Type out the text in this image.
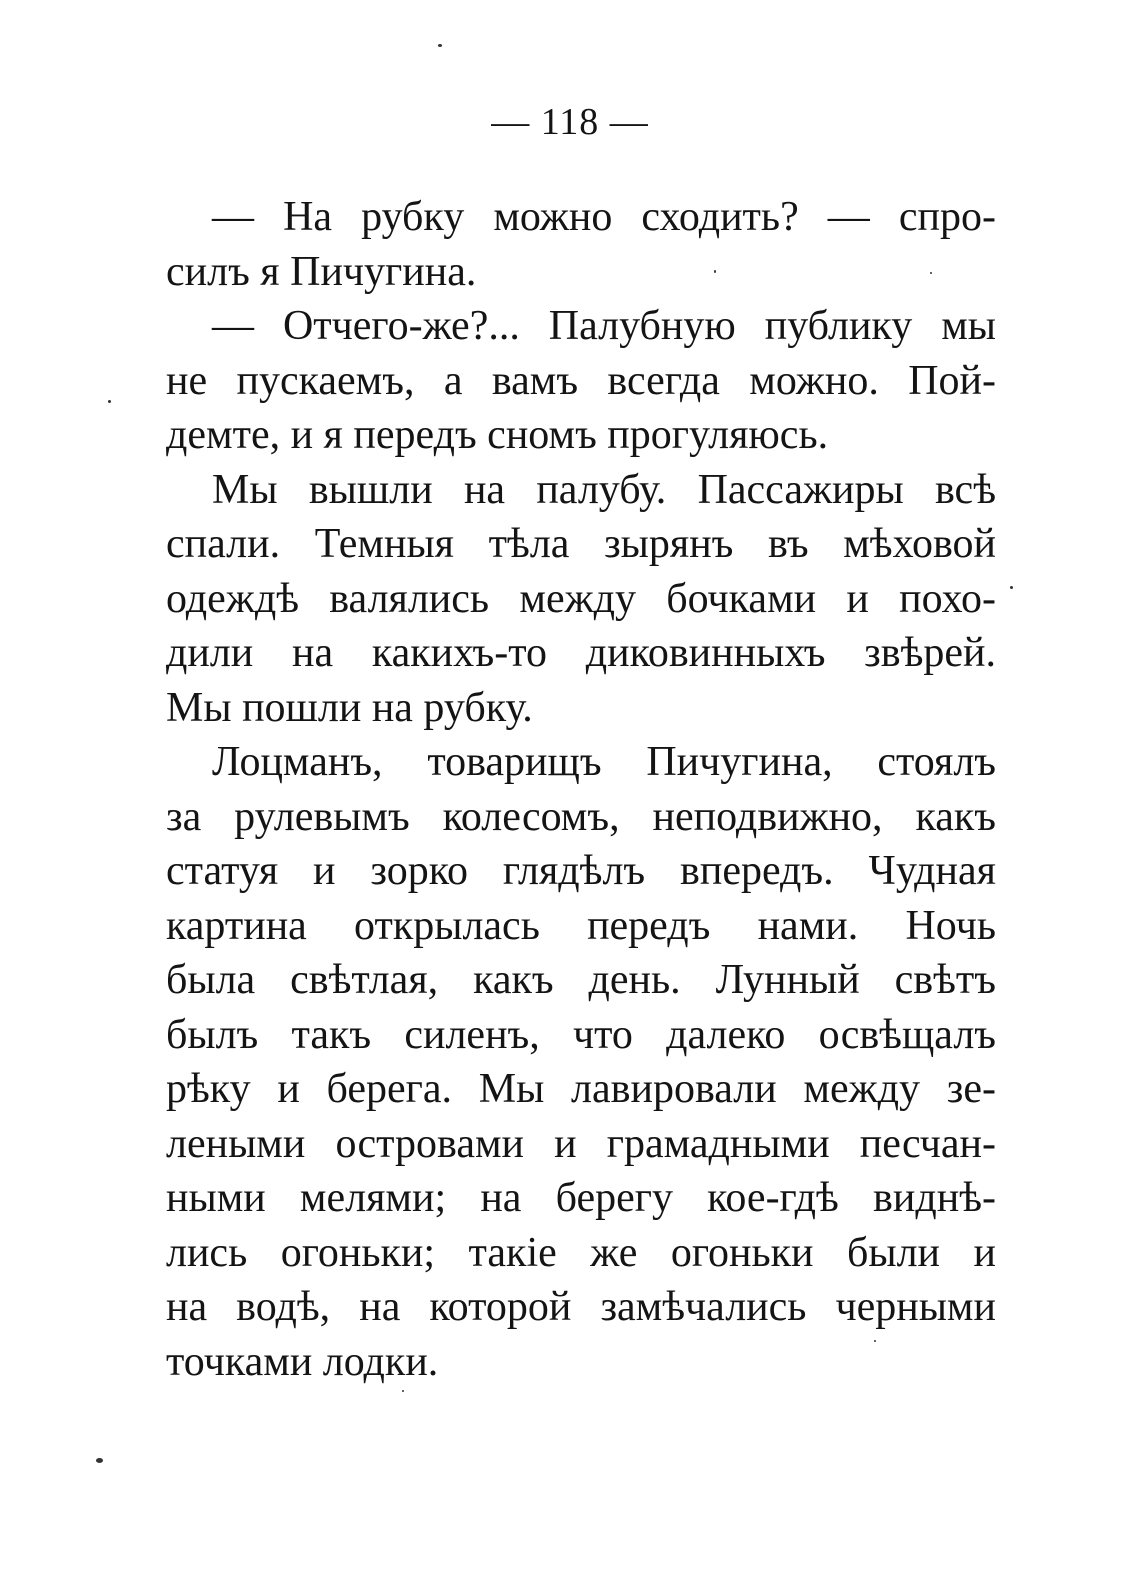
— 118 —

— На рубку можно сходить? — спро-
силъ я Пичугина.

— Отчего-же?... Палубную публику мы
не пускаемъ, а вамъ всегда можно. Пой-
демте, и я передъ сномъ прогуляюсь.

Мы вышли на палубу. Пассажиры всѣ
спали. Темныя тѣла зырянъ въ мѣховой
одеждѣ валялись между бочками и похо-
дили на какихъ-то диковинныхъ звѣрей.
Мы пошли на рубку.

Лоцманъ, товарищъ Пичугина, стоялъ
за рулевымъ колесомъ, неподвижно, какъ
статуя и зорко глядѣлъ впередъ. Чудная
картина открылась передъ нами. Ночь
была свѣтлая, какъ день. Лунный свѣтъ
былъ такъ силенъ, что далеко освѣщалъ
рѣку и берега. Мы лавировали между зе-
леными островами и грамадными песчан-
ными мелями; на берегу кое-гдѣ виднѣ-
лись огоньки; такіе же огоньки были и
на водѣ, на которой замѣчались черными
точками лодки.
